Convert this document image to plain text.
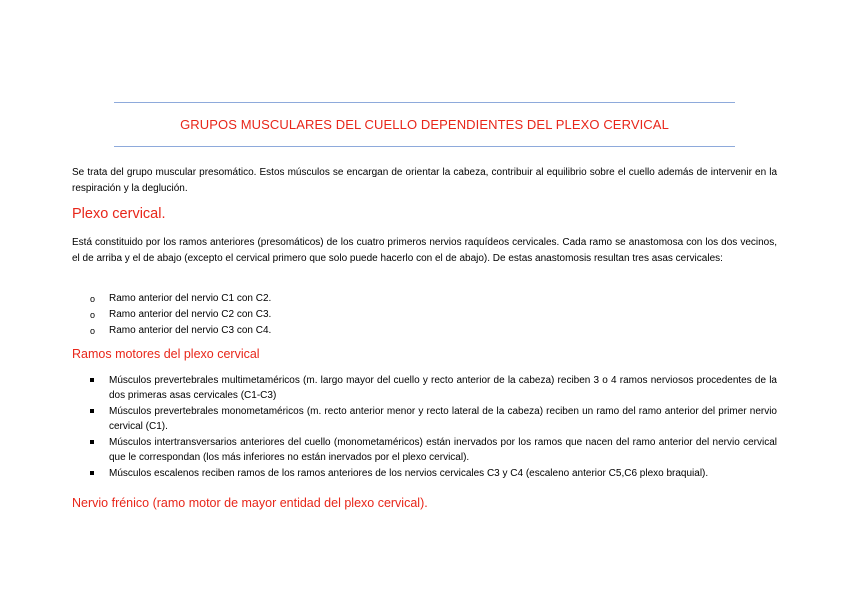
GRUPOS MUSCULARES DEL CUELLO DEPENDIENTES DEL PLEXO CERVICAL

Se trata del grupo muscular presomático. Estos músculos se encargan de orientar la cabeza, contribuir al equilibrio sobre el cuello además de intervenir en la respiración y la deglución.

Plexo cervical.

Está constituido por los ramos anteriores (presomáticos) de los cuatro primeros nervios raquídeos cervicales. Cada ramo se anastomosa con los dos vecinos, el de arriba y el de abajo (excepto el cervical primero que solo puede hacerlo con el de abajo). De estas anastomosis resultan tres asas cervicales:

o Ramo anterior del nervio C1 con C2.
o Ramo anterior del nervio C2 con C3.
o Ramo anterior del nervio C3 con C4.
Ramos motores del plexo cervical
Músculos prevertebrales multimetaméricos (m. largo mayor del cuello y recto anterior de la cabeza) reciben 3 o 4 ramos nerviosos procedentes de la dos primeras asas cervicales (C1-C3)
Músculos prevertebrales monometaméricos (m. recto anterior menor y recto lateral de la cabeza) reciben un ramo del ramo anterior del primer nervio cervical (C1).
Músculos intertransversarios anteriores del cuello (monometaméricos) están inervados por los ramos que nacen del ramo anterior del nervio cervical que le correspondan (los más inferiores no están inervados por el plexo cervical).
Músculos escalenos reciben ramos de los ramos anteriores de los nervios cervicales C3 y C4 (escaleno anterior C5,C6 plexo braquial).
Nervio frénico (ramo motor de mayor entidad del plexo cervical).
